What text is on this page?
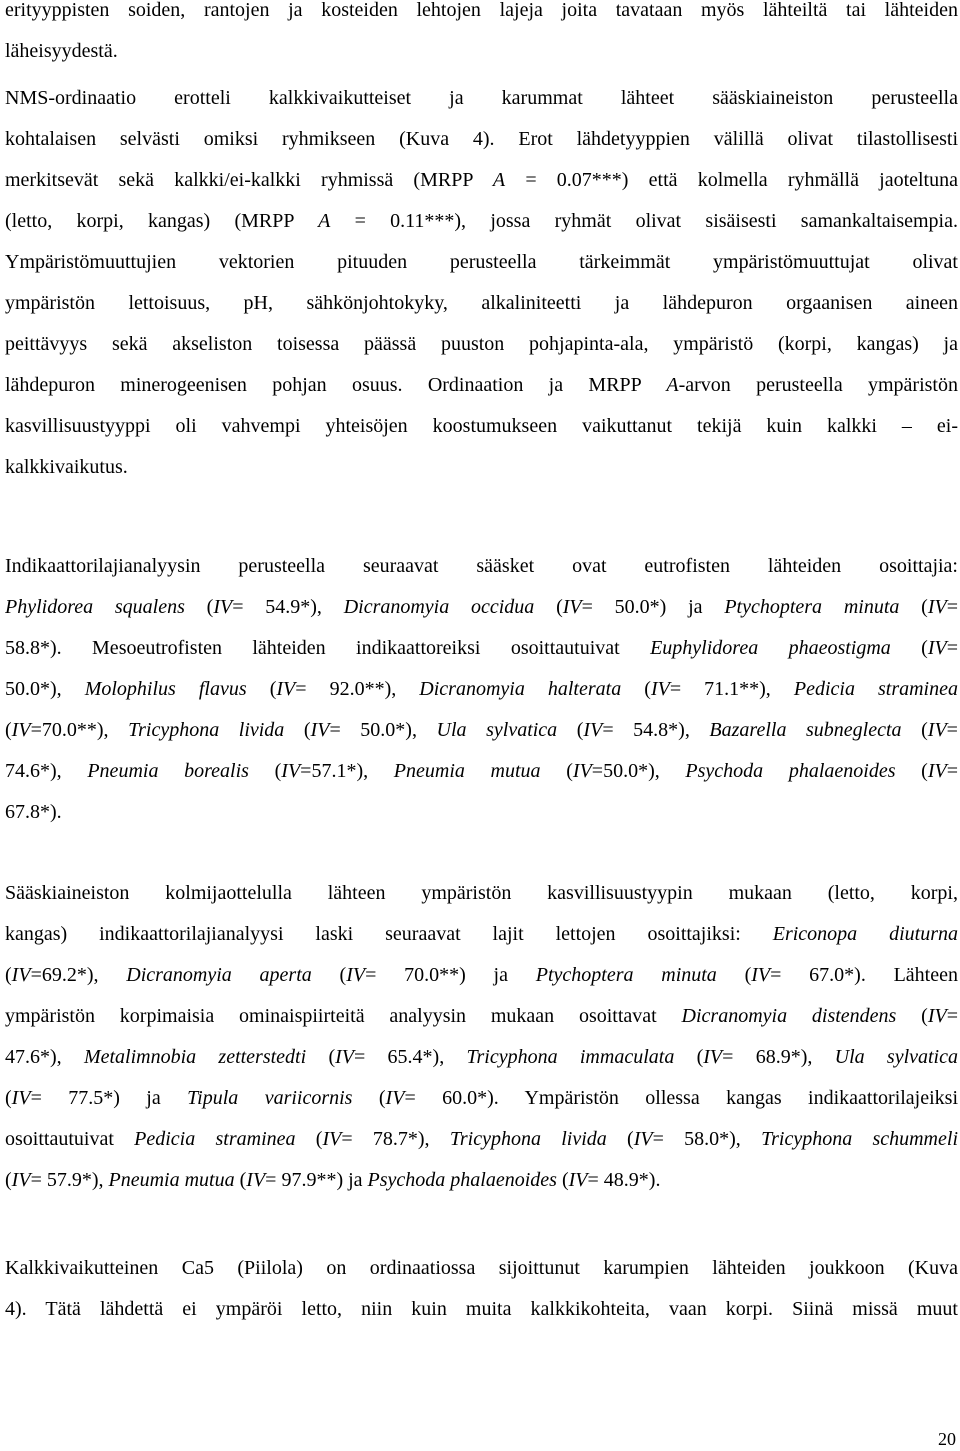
erityyppisten soiden, rantojen ja kosteiden lehtojen lajeja joita tavataan myös lähteiltä tai lähteiden
läheisyydestä.
NMS-ordinaatio erotteli kalkkivaikutteiset ja karummat lähteet sääskiaineiston perusteella
kohtalaisen selvästi omiksi ryhmikseen (Kuva 4). Erot lähdetyyppien välillä olivat tilastollisesti
merkitsevät sekä kalkki/ei-kalkki ryhmissä (MRPP A = 0.07***) että kolmella ryhmällä jaoteltuna
(letto, korpi, kangas) (MRPP A = 0.11***), jossa ryhmät olivat sisäisesti samankaltaisempia.
Ympäristömuuttujien vektorien pituuden perusteella tärkeimmät ympäristömuuttujat olivat
ympäristön lettoisuus, pH, sähkönjohtokyky, alkaliniteetti ja lähdepuron orgaanisen aineen
peittävyys sekä akseliston toisessa päässä puuston pohjapinta-ala, ympäristö (korpi, kangas) ja
lähdepuron minerogeenisen pohjan osuus. Ordinaation ja MRPP A-arvon perusteella ympäristön
kasvillisuustyyppi oli vahvempi yhteisöjen koostumukseen vaikuttanut tekijä kuin kalkki – ei-
kalkkivaikutus.
Indikaattorilajianalyysin perusteella seuraavat sääsket ovat eutrofisten lähteiden osoittajia:
Phylidorea squalens (IV= 54.9*), Dicranomyia occidua (IV= 50.0*) ja Ptychoptera minuta (IV=
58.8*). Mesoeutrofisten lähteiden indikaattoreiksi osoittautuivat Euphylidorea phaeostigma (IV=
50.0*), Molophilus flavus (IV= 92.0**), Dicranomyia halterata (IV= 71.1**), Pedicia straminea
(IV=70.0**), Tricyphona livida (IV= 50.0*), Ula sylvatica (IV= 54.8*), Bazarella subneglecta (IV=
74.6*), Pneumia borealis (IV=57.1*), Pneumia mutua (IV=50.0*), Psychoda phalaenoides (IV=
67.8*).
Sääskiaineiston kolmijaottelulla lähteen ympäristön kasvillisuustyypin mukaan (letto, korpi,
kangas) indikaattorilajianalyysi laski seuraavat lajit lettojen osoittajiksi: Ericonopa diuturna
(IV=69.2*), Dicranomyia aperta (IV= 70.0**) ja Ptychoptera minuta (IV= 67.0*). Lähteen
ympäristön korpimaisia ominaispiirteitä analyysin mukaan osoittavat Dicranomyia distendens (IV=
47.6*), Metalimnobia zetterstedti (IV= 65.4*), Tricyphona immaculata (IV= 68.9*), Ula sylvatica
(IV= 77.5*) ja Tipula variicornis (IV= 60.0*). Ympäristön ollessa kangas indikaattorilajeiksi
osoittautuivat Pedicia straminea (IV= 78.7*), Tricyphona livida (IV= 58.0*), Tricyphona schummeli
(IV= 57.9*), Pneumia mutua (IV= 97.9**) ja Psychoda phalaenoides (IV= 48.9*).
Kalkkivaikutteinen Ca5 (Piilola) on ordinaatiossa sijoittunut karumpien lähteiden joukkoon (Kuva
4). Tätä lähdettä ei ympäröi letto, niin kuin muita kalkkikohteita, vaan korpi. Siinä missä muut
20
